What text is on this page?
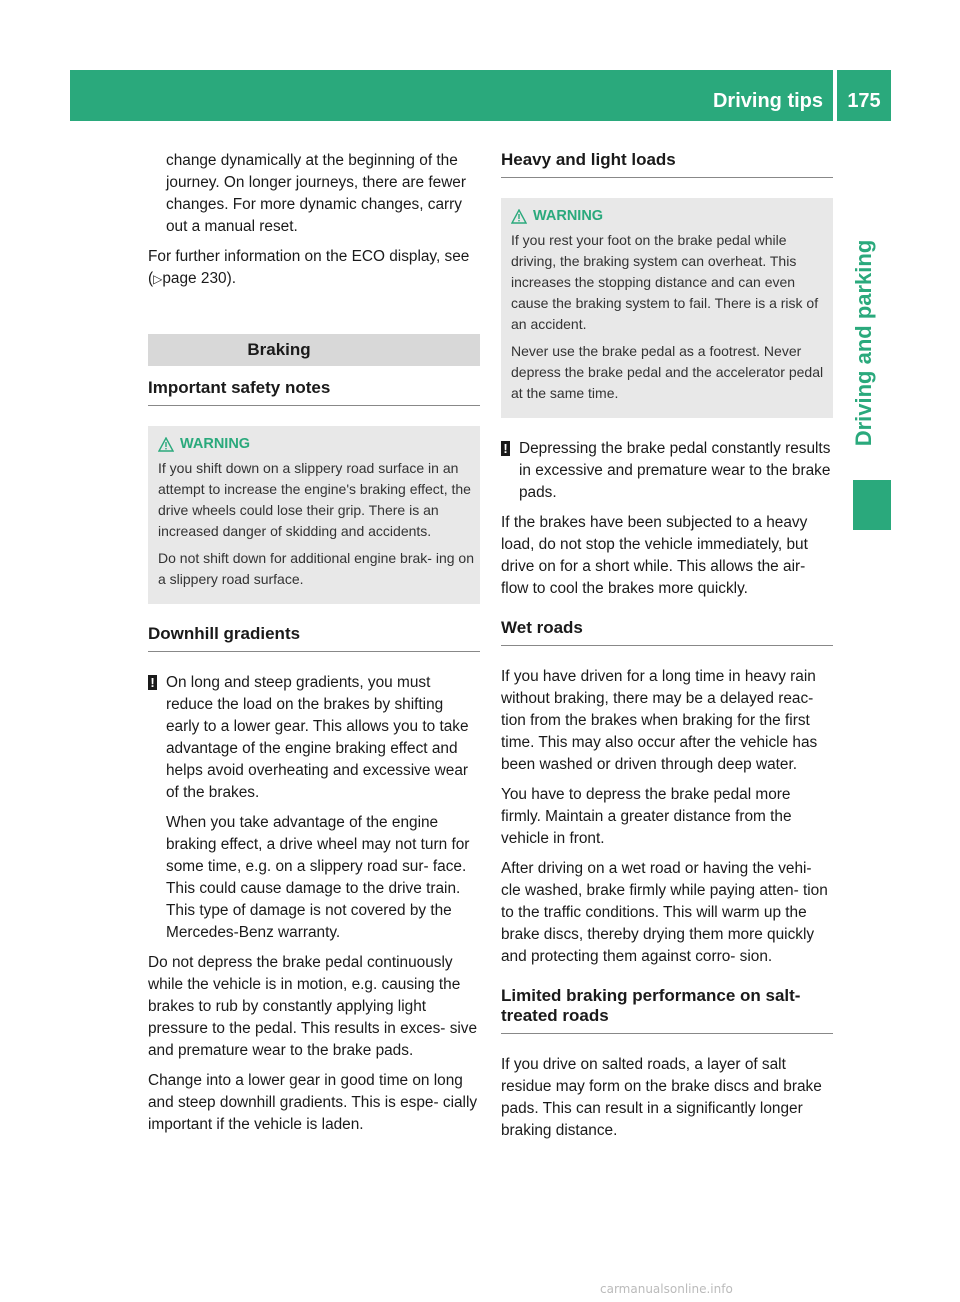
Driving tips	175
Driving and parking

change dynamically at the beginning of the journey. On longer journeys, there are fewer changes. For more dynamic changes, carry out a manual reset.

For further information on the ECO display, see (▷page 230).

Braking
Important safety notes
WARNING

If you shift down on a slippery road surface in an attempt to increase the engine's braking effect, the drive wheels could lose their grip. There is an increased danger of skidding and accidents.

Do not shift down for additional engine brak- ing on a slippery road surface.

Downhill gradients
! On long and steep gradients, you must reduce the load on the brakes by shifting early to a lower gear. This allows you to take advantage of the engine braking effect and helps avoid overheating and excessive wear of the brakes.

When you take advantage of the engine braking effect, a drive wheel may not turn for some time, e.g. on a slippery road sur- face. This could cause damage to the drive train. This type of damage is not covered by the Mercedes-Benz warranty.

Do not depress the brake pedal continuously while the vehicle is in motion, e.g. causing the brakes to rub by constantly applying light pressure to the pedal. This results in exces- sive and premature wear to the brake pads.

Change into a lower gear in good time on long and steep downhill gradients. This is espe- cially important if the vehicle is laden.

Heavy and light loads
WARNING

If you rest your foot on the brake pedal while driving, the braking system can overheat. This increases the stopping distance and can even cause the braking system to fail. There is a risk of an accident.

Never use the brake pedal as a footrest. Never depress the brake pedal and the accelerator pedal at the same time.

! Depressing the brake pedal constantly results in excessive and premature wear to the brake pads.

If the brakes have been subjected to a heavy load, do not stop the vehicle immediately, but drive on for a short while. This allows the air- flow to cool the brakes more quickly.

Wet roads

If you have driven for a long time in heavy rain without braking, there may be a delayed reac- tion from the brakes when braking for the first time. This may also occur after the vehicle has been washed or driven through deep water.

You have to depress the brake pedal more firmly. Maintain a greater distance from the vehicle in front.

After driving on a wet road or having the vehi- cle washed, brake firmly while paying atten- tion to the traffic conditions. This will warm up the brake discs, thereby drying them more quickly and protecting them against corro- sion.

Limited braking performance on salt-treated roads

If you drive on salted roads, a layer of salt residue may form on the brake discs and brake pads. This can result in a significantly longer braking distance.

carmanualsonline.info
